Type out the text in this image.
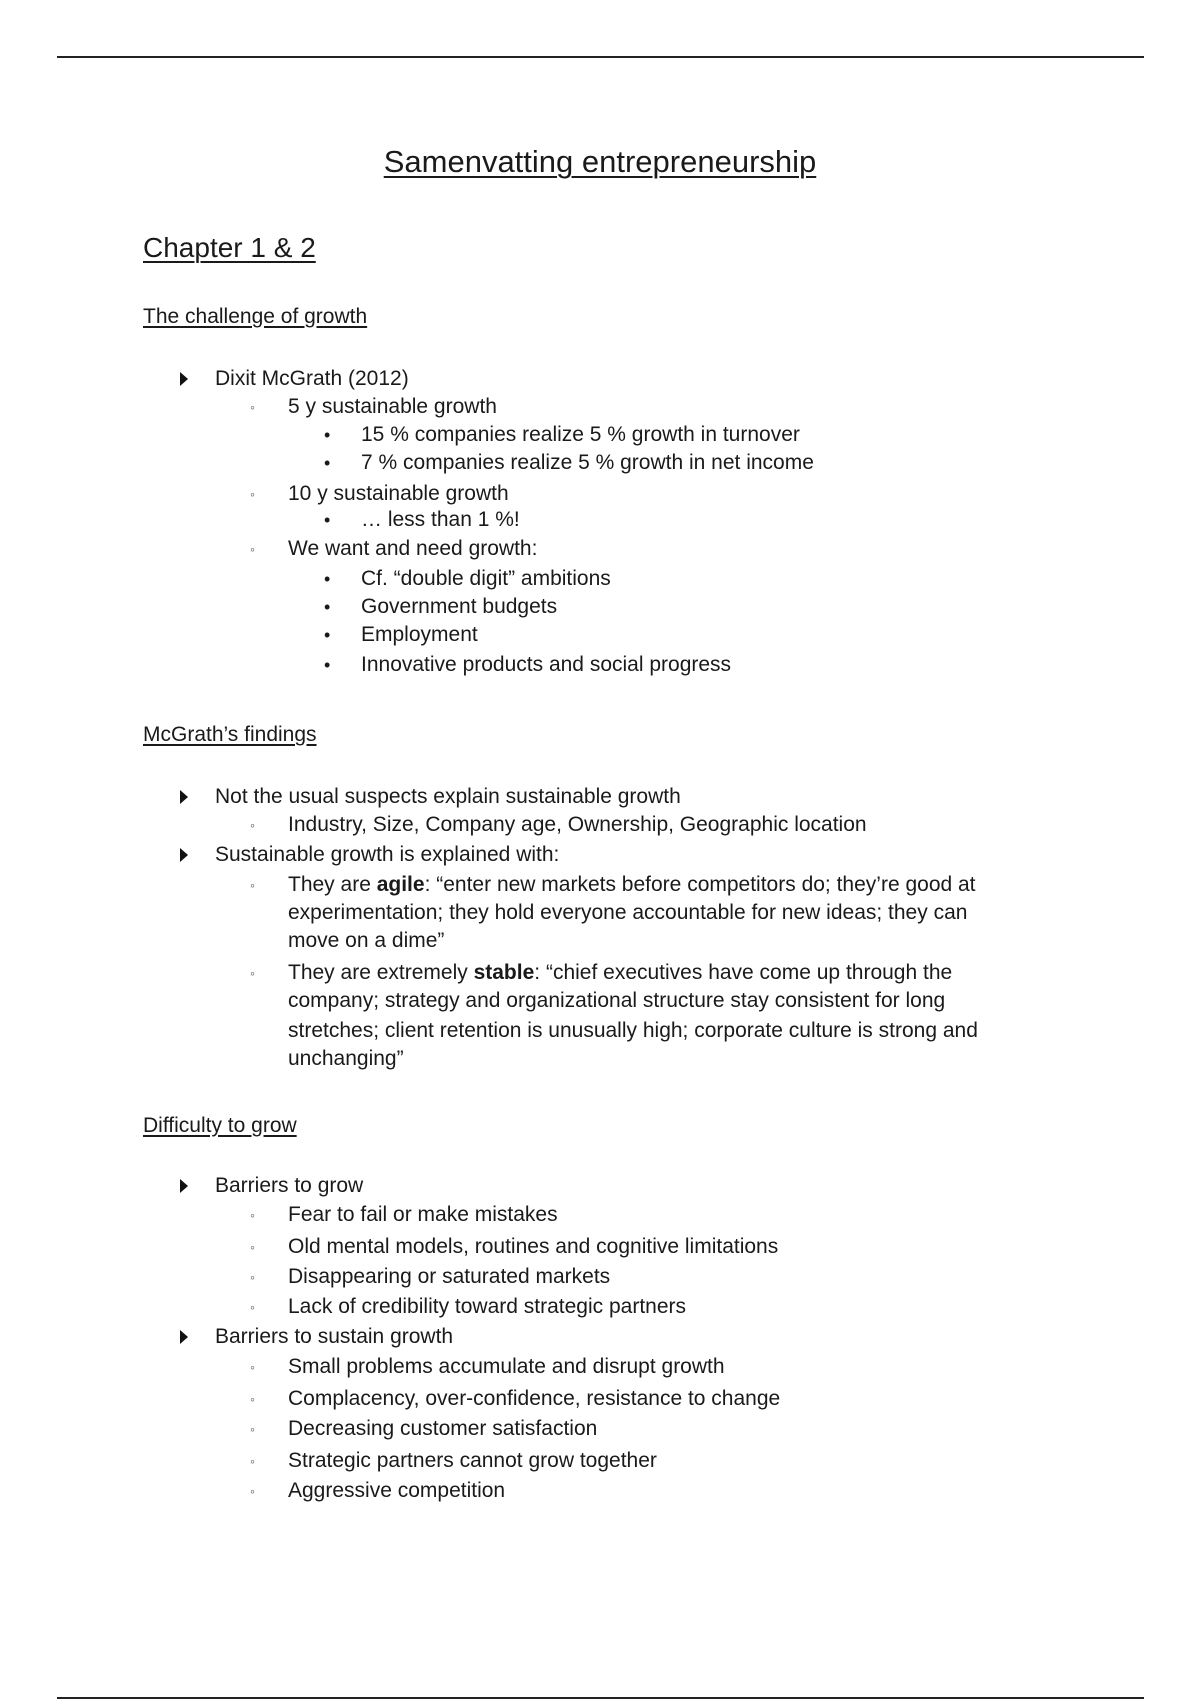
Samenvatting entrepreneurship
Chapter 1 & 2
The challenge of growth
Dixit McGrath (2012)
◦ 5 y sustainable growth
• 15 % companies realize 5 % growth in turnover
• 7 % companies realize 5 % growth in net income
◦ 10 y sustainable growth
• … less than 1 %!
◦ We want and need growth:
• Cf. “double digit” ambitions
• Government budgets
• Employment
• Innovative products and social progress
McGrath’s findings
Not the usual suspects explain sustainable growth
◦ Industry, Size, Company age, Ownership, Geographic location
Sustainable growth is explained with:
◦ They are agile: “enter new markets before competitors do; they’re good at
experimentation; they hold everyone accountable for new ideas; they can
move on a dime”
◦ They are extremely stable: “chief executives have come up through the
company; strategy and organizational structure stay consistent for long
stretches; client retention is unusually high; corporate culture is strong and
unchanging”
Difficulty to grow
Barriers to grow
◦ Fear to fail or make mistakes
◦ Old mental models, routines and cognitive limitations
◦ Disappearing or saturated markets
◦ Lack of credibility toward strategic partners
Barriers to sustain growth
◦ Small problems accumulate and disrupt growth
◦ Complacency, over-confidence, resistance to change
◦ Decreasing customer satisfaction
◦ Strategic partners cannot grow together
◦ Aggressive competition
